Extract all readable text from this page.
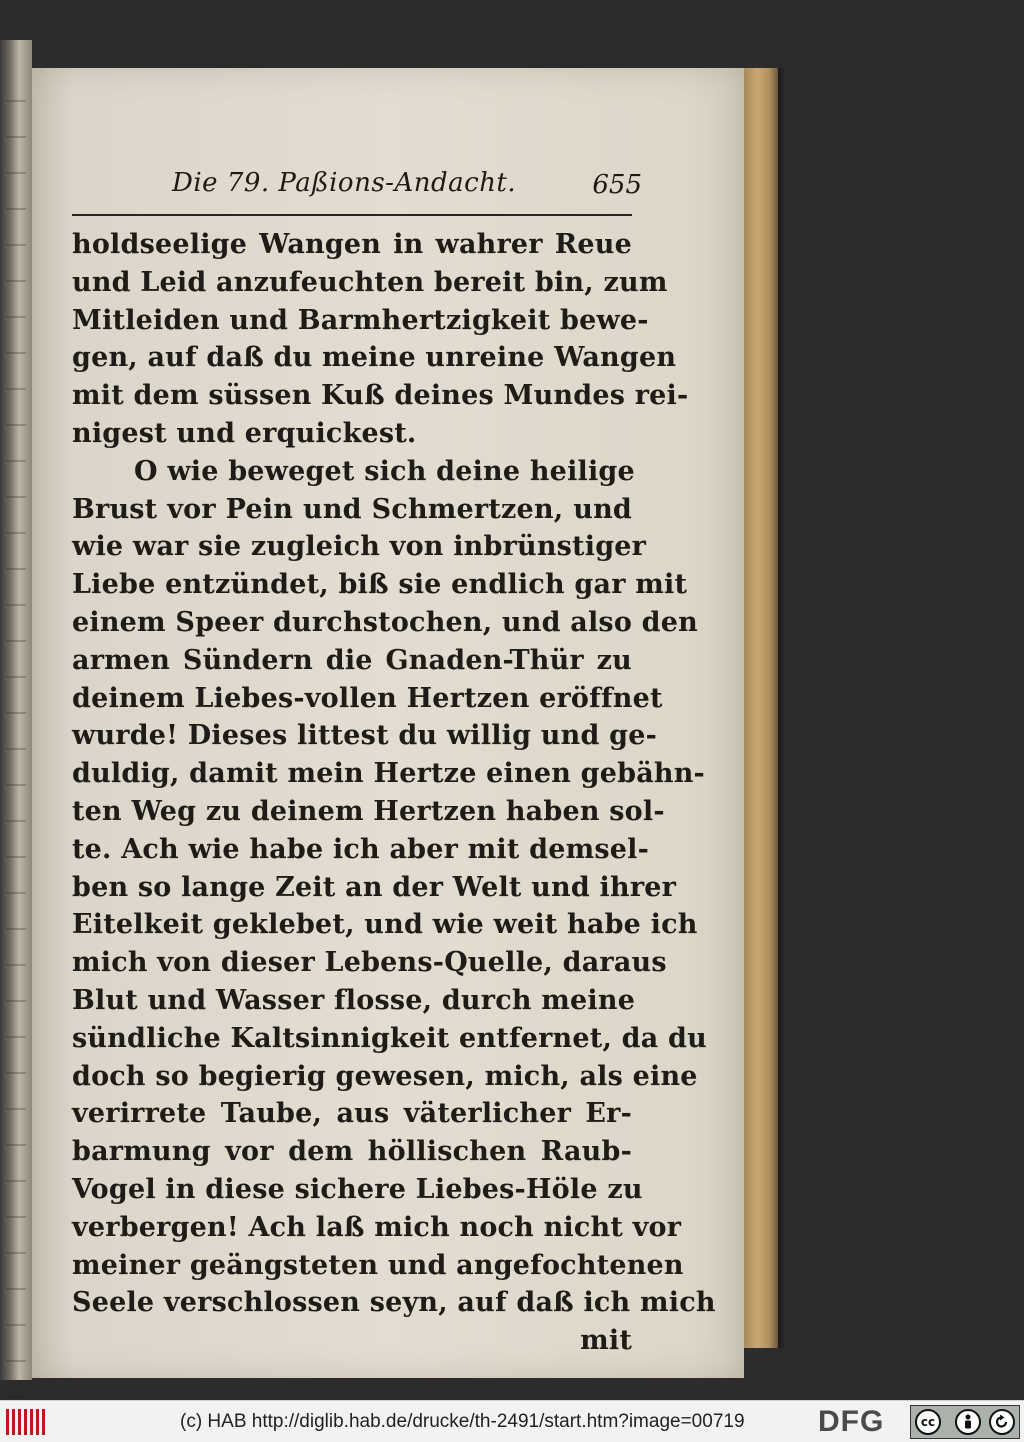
Die 79. Paßions-Andacht.	655
holdseelige Wangen in wahrer Reue
und Leid anzufeuchten bereit bin, zum
Mitleiden und Barmhertzigkeit bewe-
gen, auf daß du meine unreine Wangen
mit dem süssen Kuß deines Mundes rei-
nigest und erquickest.
O wie beweget sich deine heilige
Brust vor Pein und Schmertzen, und
wie war sie zugleich von inbrünstiger
Liebe entzündet, biß sie endlich gar mit
einem Speer durchstochen, und also den
armen Sündern die Gnaden-Thür zu
deinem Liebes-vollen Hertzen eröffnet
wurde! Dieses littest du willig und ge-
duldig, damit mein Hertze einen gebähn-
ten Weg zu deinem Hertzen haben sol-
te. Ach wie habe ich aber mit demsel-
ben so lange Zeit an der Welt und ihrer
Eitelkeit geklebet, und wie weit habe ich
mich von dieser Lebens-Quelle, daraus
Blut und Wasser flosse, durch meine
sündliche Kaltsinnigkeit entfernet, da du
doch so begierig gewesen, mich, als eine
verirrete Taube, aus väterlicher Er-
barmung vor dem höllischen Raub-
Vogel in diese sichere Liebes-Höle zu
verbergen! Ach laß mich noch nicht vor
meiner geängsteten und angefochtenen
Seele verschlossen seyn, auf daß ich mich
mit
(c) HAB http://diglib.hab.de/drucke/th-2491/start.htm?image=00719	DFG	cc
